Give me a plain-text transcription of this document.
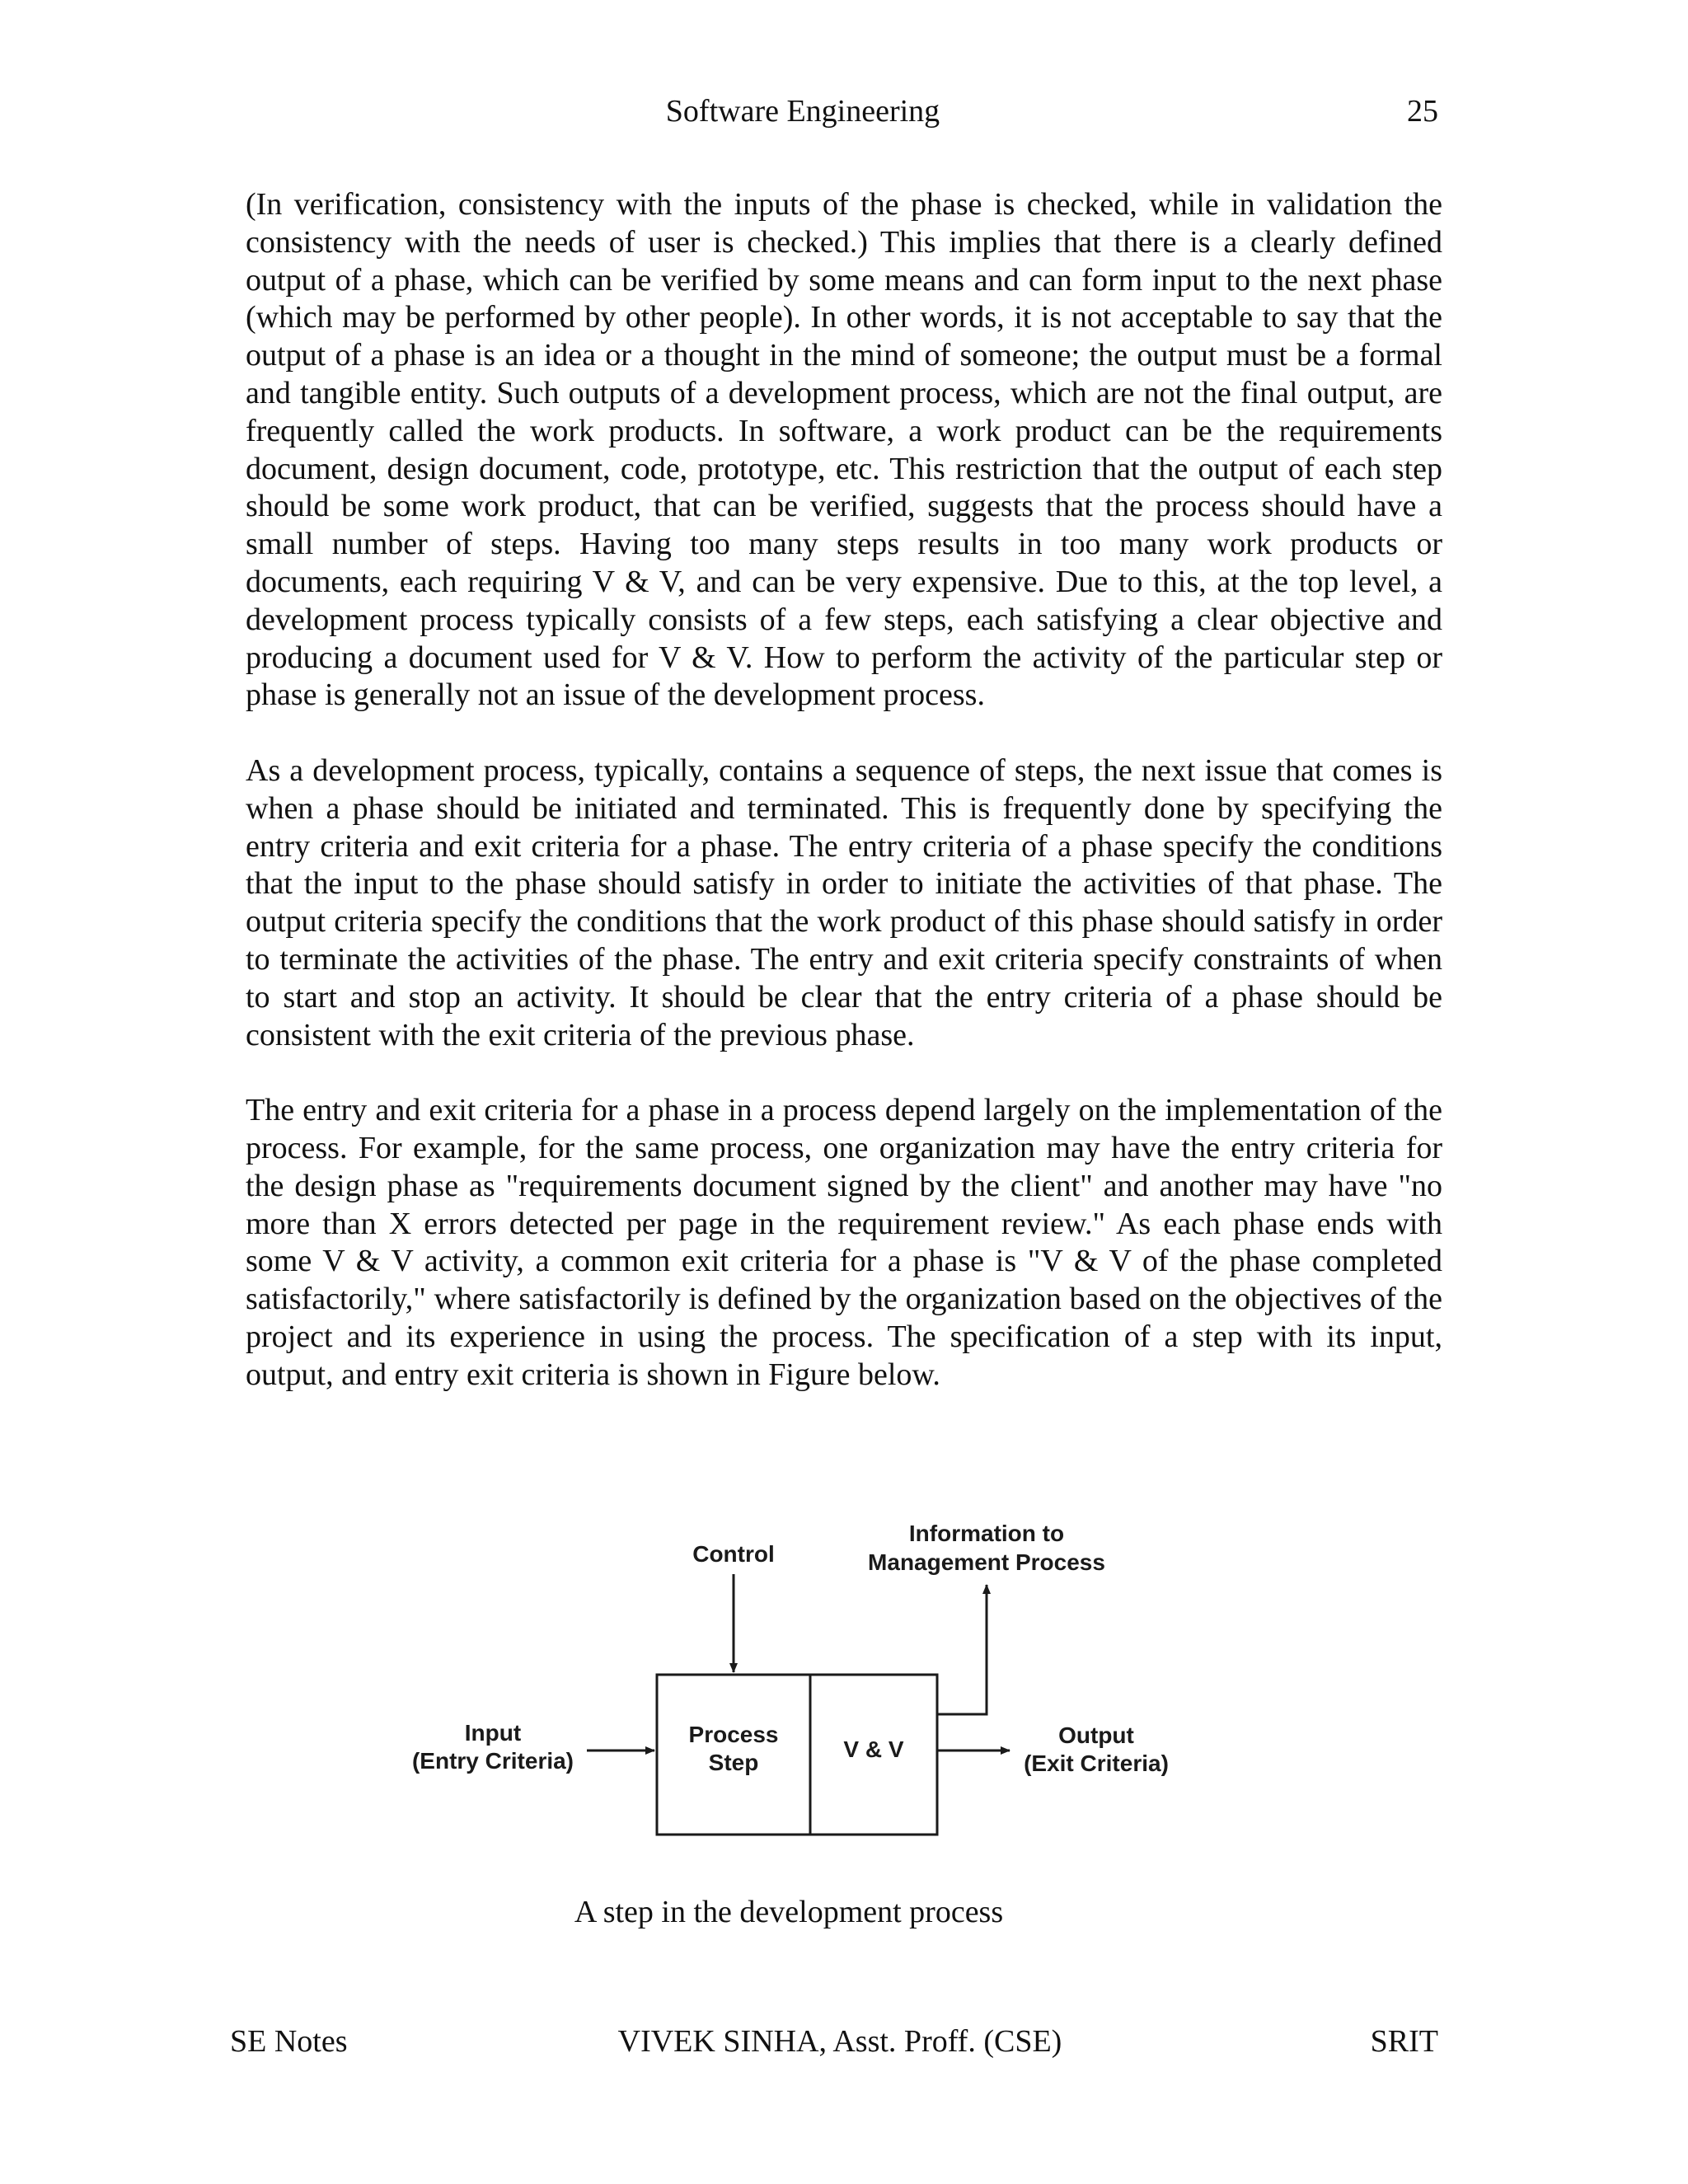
Software Engineering	25

(In verification, consistency with the inputs of the phase is checked, while in validation the consistency with the needs of user is checked.) This implies that there is a clearly defined output of a phase, which can be verified by some means and can form input to the next phase (which may be performed by other people). In other words, it is not acceptable to say that the output of a phase is an idea or a thought in the mind of someone; the output must be a formal and tangible entity. Such outputs of a development process, which are not the final output, are frequently called the work products. In software, a work product can be the requirements document, design document, code, prototype, etc. This restriction that the output of each step should be some work product, that can be verified, suggests that the process should have a small number of steps. Having too many steps results in too many work products or documents, each requiring V & V, and can be very expensive. Due to this, at the top level, a development process typically consists of a few steps, each satisfying a clear objective and producing a document used for V & V. How to perform the activity of the particular step or phase is generally not an issue of the development process.

As a development process, typically, contains a sequence of steps, the next issue that comes is when a phase should be initiated and terminated. This is frequently done by specifying the entry criteria and exit criteria for a phase. The entry criteria of a phase specify the conditions that the input to the phase should satisfy in order to initiate the activities of that phase. The output criteria specify the conditions that the work product of this phase should satisfy in order to terminate the activities of the phase. The entry and exit criteria specify constraints of when to start and stop an activity. It should be clear that the entry criteria of a phase should be consistent with the exit criteria of the previous phase.

The entry and exit criteria for a phase in a process depend largely on the implementation of the process. For example, for the same process, one organization may have the entry criteria for the design phase as "requirements document signed by the client" and another may have "no more than X errors detected per page in the requirement review." As each phase ends with some V & V activity, a common exit criteria for a phase is "V & V of the phase completed satisfactorily," where satisfactorily is defined by the organization based on the objectives of the project and its experience in using the process. The specification of a step with its input, output, and entry exit criteria is shown in Figure below.

Control
Information to
Management Process
Input
(Entry Criteria)
Process
Step
V & V
Output
(Exit Criteria)
A step in the development process
SE Notes	VIVEK SINHA, Asst. Proff. (CSE)	SRIT
